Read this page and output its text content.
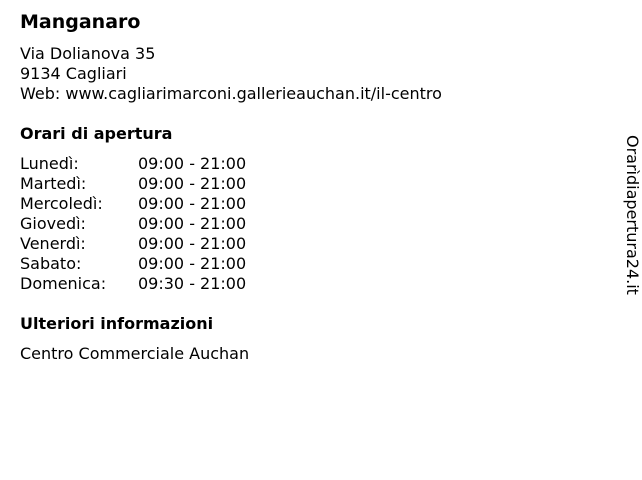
Manganaro
Via Dolianova 35
9134 Cagliari
Web: www.cagliarimarconi.gallerieauchan.it/il-centro
Orari di apertura
Lunedì:	09:00 - 21:00
Martedì:	09:00 - 21:00
Mercoledì: 09:00 - 21:00
Giovedì:	09:00 - 21:00
Venerdì:	09:00 - 21:00
Sabato:	09:00 - 21:00
Domenica: 09:30 - 21:00
Ulteriori informazioni
Centro Commerciale Auchan
Orarìdiapertura24.it
